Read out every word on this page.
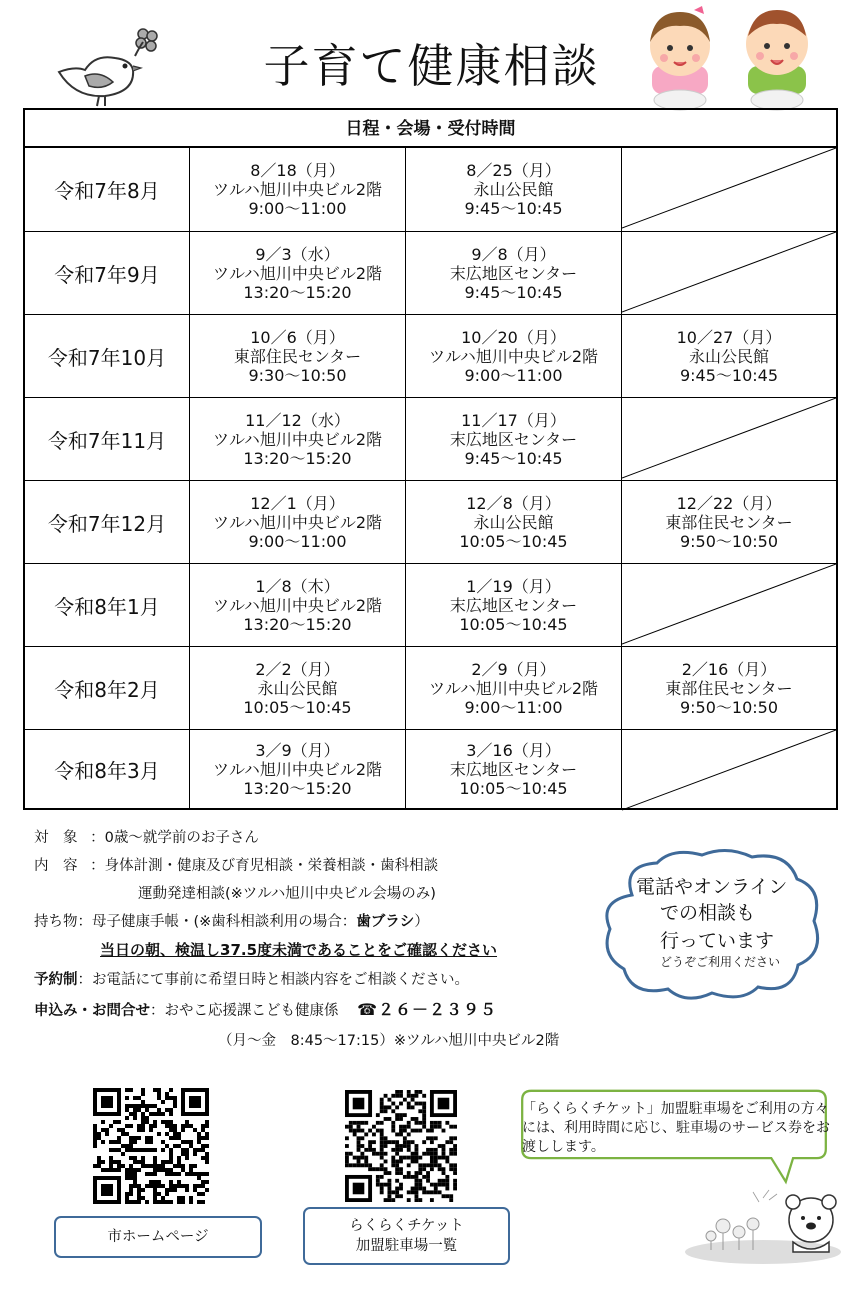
子育て健康相談
日程・会場・受付時間
令和7年8月
8／18（月）
ツルハ旭川中央ビル2階
9:00～11:00
8／25（月）
永山公民館
9:45～10:45
令和7年9月
9／3（水）
ツルハ旭川中央ビル2階
13:20～15:20
9／8（月）
末広地区センター
9:45～10:45
令和7年10月
10／6（月）
東部住民センター
9:30～10:50
10／20（月）
ツルハ旭川中央ビル2階
9:00～11:00
10／27（月）
永山公民館
9:45～10:45
令和7年11月
11／12（水）
ツルハ旭川中央ビル2階
13:20～15:20
11／17（月）
末広地区センター
9:45～10:45
令和7年12月
12／1（月）
ツルハ旭川中央ビル2階
9:00～11:00
12／8（月）
永山公民館
10:05～10:45
12／22（月）
東部住民センター
9:50～10:50
令和8年1月
1／8（木）
ツルハ旭川中央ビル2階
13:20～15:20
1／19（月）
末広地区センター
10:05～10:45
令和8年2月
2／2（月）
永山公民館
10:05～10:45
2／9（月）
ツルハ旭川中央ビル2階
9:00～11:00
2／16（月）
東部住民センター
9:50～10:50
令和8年3月
3／9（月）
ツルハ旭川中央ビル2階
13:20～15:20
3／16（月）
末広地区センター
10:05～10:45
対　象 ：0歳～就学前のお子さん
内　容 ：身体計測・健康及び育児相談・栄養相談・歯科相談
運動発達相談(※ツルハ旭川中央ビル会場のみ)
持ち物：母子健康手帳・(※歯科相談利用の場合：歯ブラシ）
当日の朝、検温し37.5度未満であることをご確認ください
予約制：お電話にて事前に希望日時と相談内容をご相談ください。
申込み・お問合せ：おやこ応援課こども健康係 ☎２６－２３９５
（月～金　8:45～17:15）※ツルハ旭川中央ビル2階
電話やオンライン
での相談も
行っています
どうぞご利用ください
市ホームページ
らくらくチケット
加盟駐車場一覧
「らくらくチケット」加盟駐車場をご利用の方々には、利用時間に応じ、駐車場のサービス券をお渡しします。
